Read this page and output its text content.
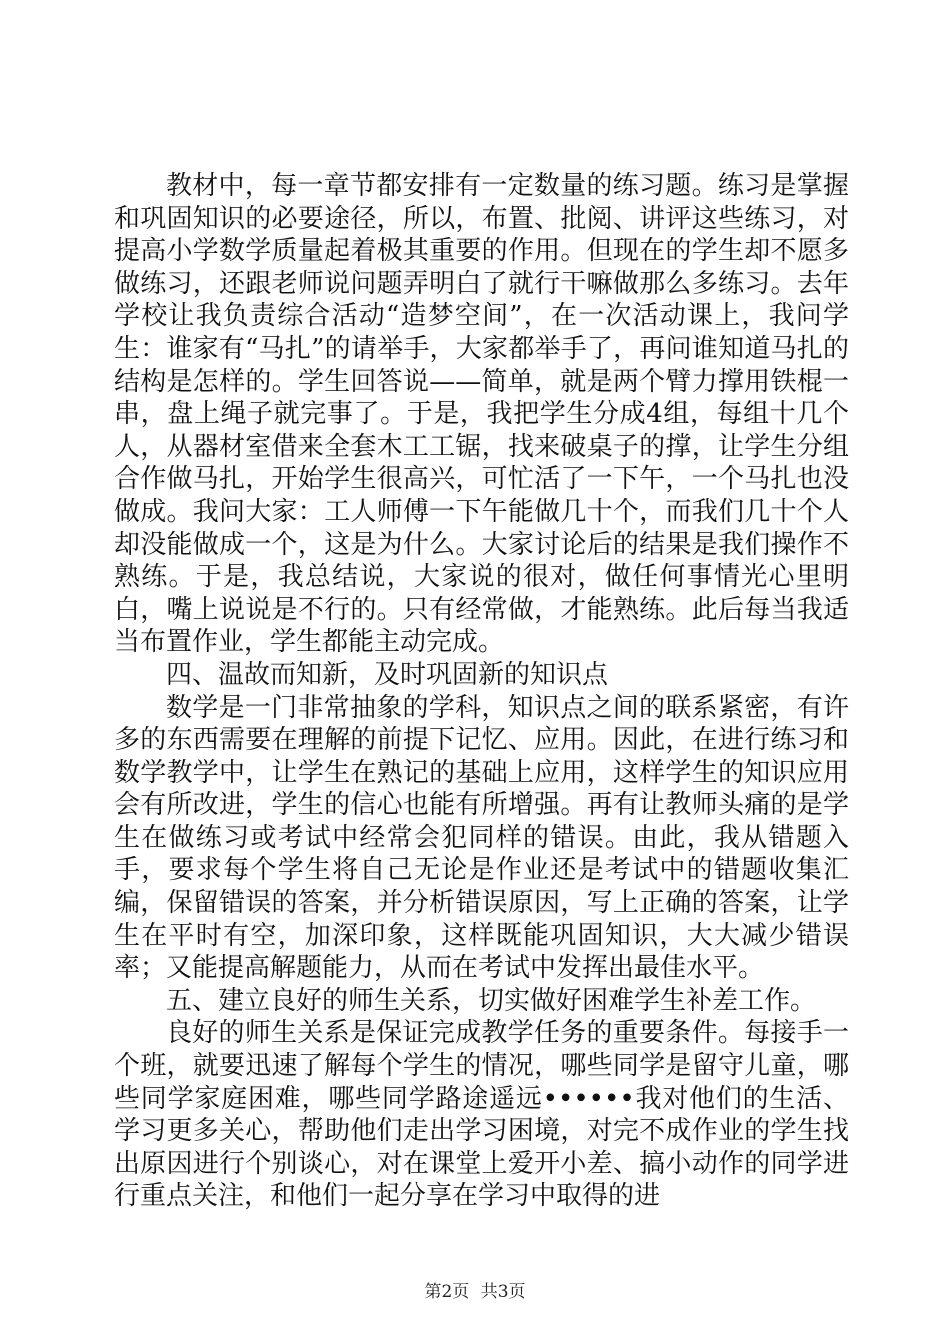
教材中，每一章节都安排有一定数量的练习题。练习是掌握和巩固知识的必要途径，所以，布置、批阅、讲评这些练习，对提高小学数学质量起着极其重要的作用。但现在的学生却不愿多做练习，还跟老师说问题弄明白了就行干嘛做那么多练习。去年学校让我负责综合活动“造梦空间”，在一次活动课上，我问学生：谁家有“马扎”的请举手，大家都举手了，再问谁知道马扎的结构是怎样的。学生回答说——简单，就是两个臂力撑用铁棍一串，盘上绳子就完事了。于是，我把学生分成4组，每组十几个人，从器材室借来全套木工工锯，找来破桌子的撑，让学生分组合作做马扎，开始学生很高兴，可忙活了一下午，一个马扎也没做成。我问大家：工人师傅一下午能做几十个，而我们几十个人却没能做成一个，这是为什么。大家讨论后的结果是我们操作不熟练。于是，我总结说，大家说的很对，做任何事情光心里明白，嘴上说说是不行的。只有经常做，才能熟练。此后每当我适当布置作业，学生都能主动完成。

四、温故而知新，及时巩固新的知识点

数学是一门非常抽象的学科，知识点之间的联系紧密，有许多的东西需要在理解的前提下记忆、应用。因此，在进行练习和数学教学中，让学生在熟记的基础上应用，这样学生的知识应用会有所改进，学生的信心也能有所增强。再有让教师头痛的是学生在做练习或考试中经常会犯同样的错误。由此，我从错题入手，要求每个学生将自己无论是作业还是考试中的错题收集汇编，保留错误的答案，并分析错误原因，写上正确的答案，让学生在平时有空，加深印象，这样既能巩固知识，大大减少错误率；又能提高解题能力，从而在考试中发挥出最佳水平。

五、建立良好的师生关系，切实做好困难学生补差工作。

良好的师生关系是保证完成教学任务的重要条件。每接手一个班，就要迅速了解每个学生的情况，哪些同学是留守儿童，哪些同学家庭困难，哪些同学路途遥远••••••我对他们的生活、学习更多关心，帮助他们走出学习困境，对完不成作业的学生找出原因进行个别谈心，对在课堂上爱开小差、搞小动作的同学进行重点关注，和他们一起分享在学习中取得的进

第2页 共3页
